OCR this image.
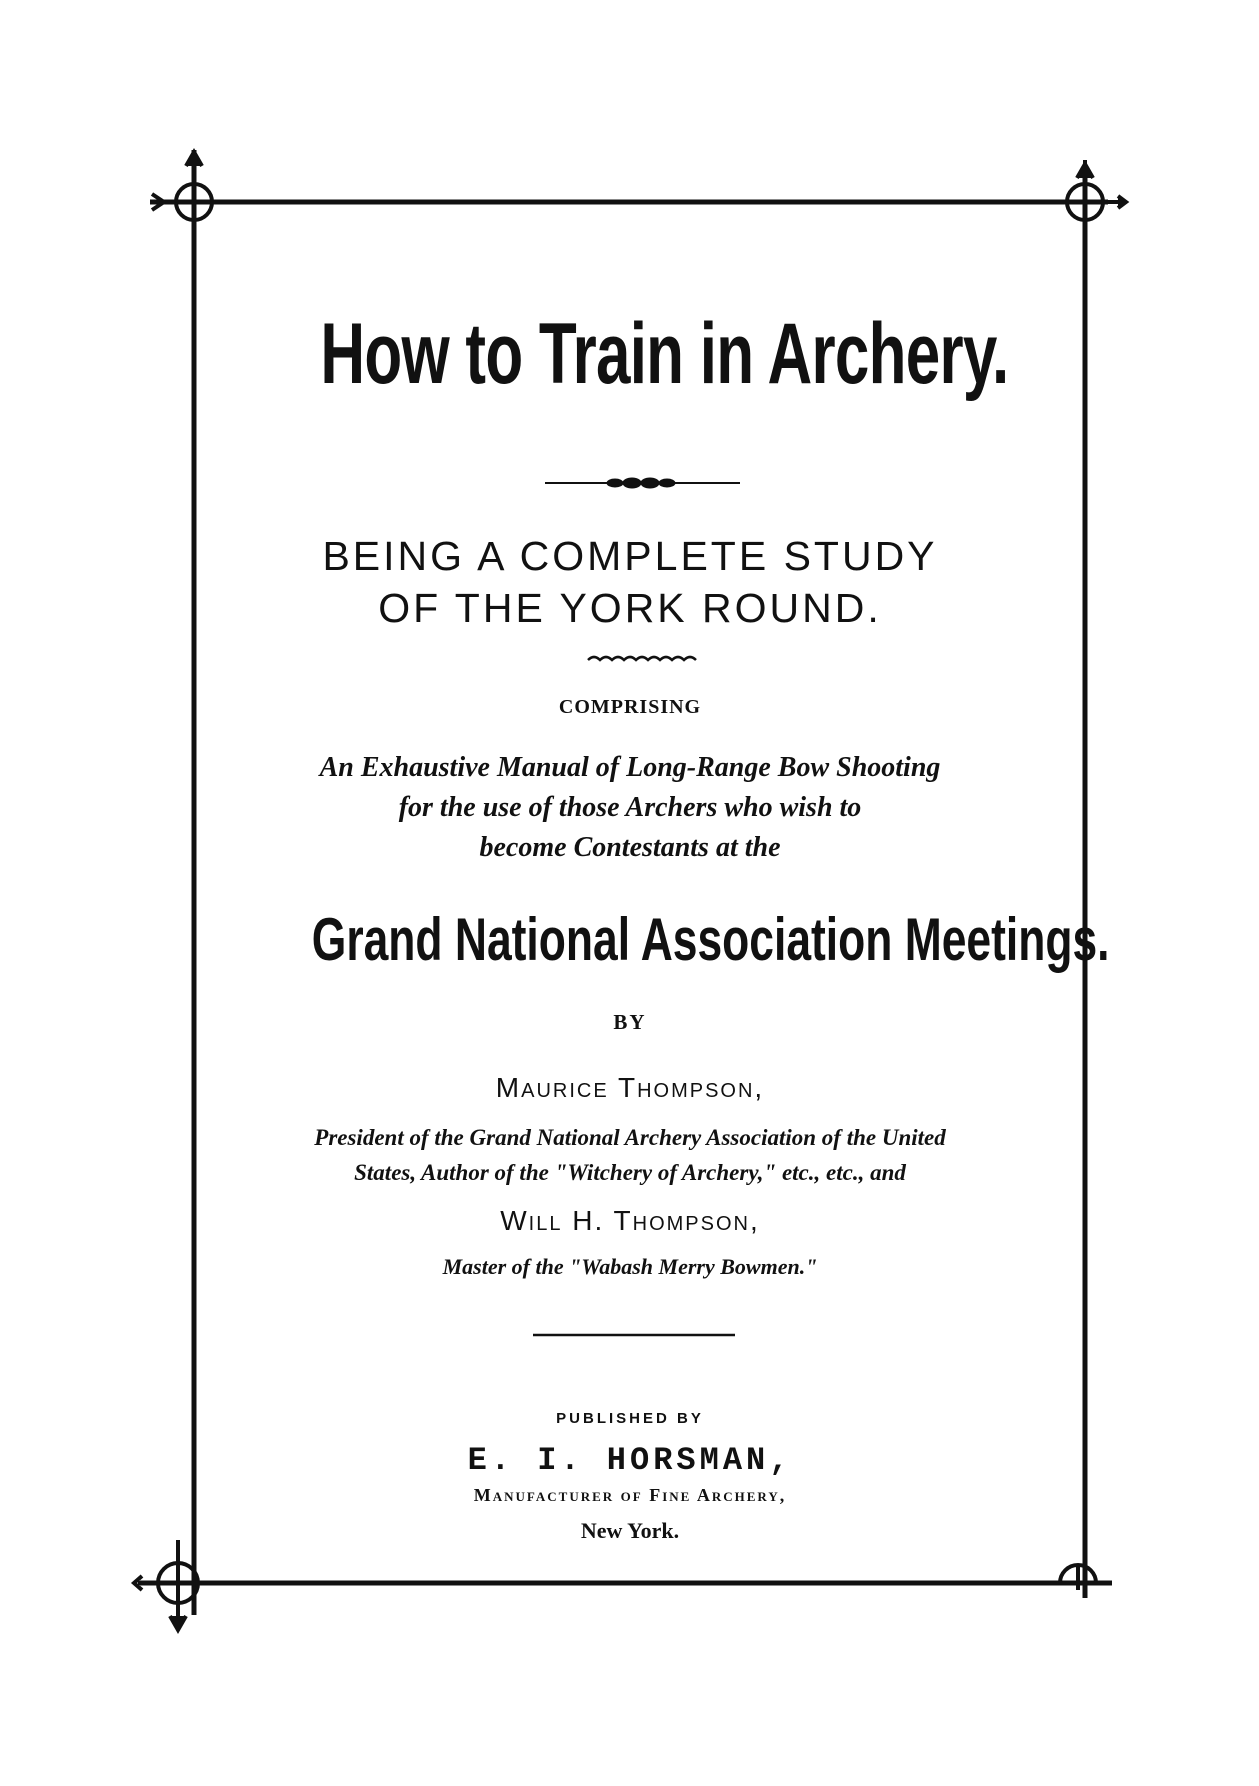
How to Train in Archery.
BEING A COMPLETE STUDY
OF THE YORK ROUND.
COMPRISING
An Exhaustive Manual of Long-Range Bow Shooting
for the use of those Archers who wish to
become Contestants at the
Grand National Association Meetings.
BY
Maurice Thompson,
President of the Grand National Archery Association of the United
States, Author of the "Witchery of Archery," etc., etc., and
Will H. Thompson,
Master of the "Wabash Merry Bowmen."
PUBLISHED BY
E. I. HORSMAN,
Manufacturer of Fine Archery,
New York.
